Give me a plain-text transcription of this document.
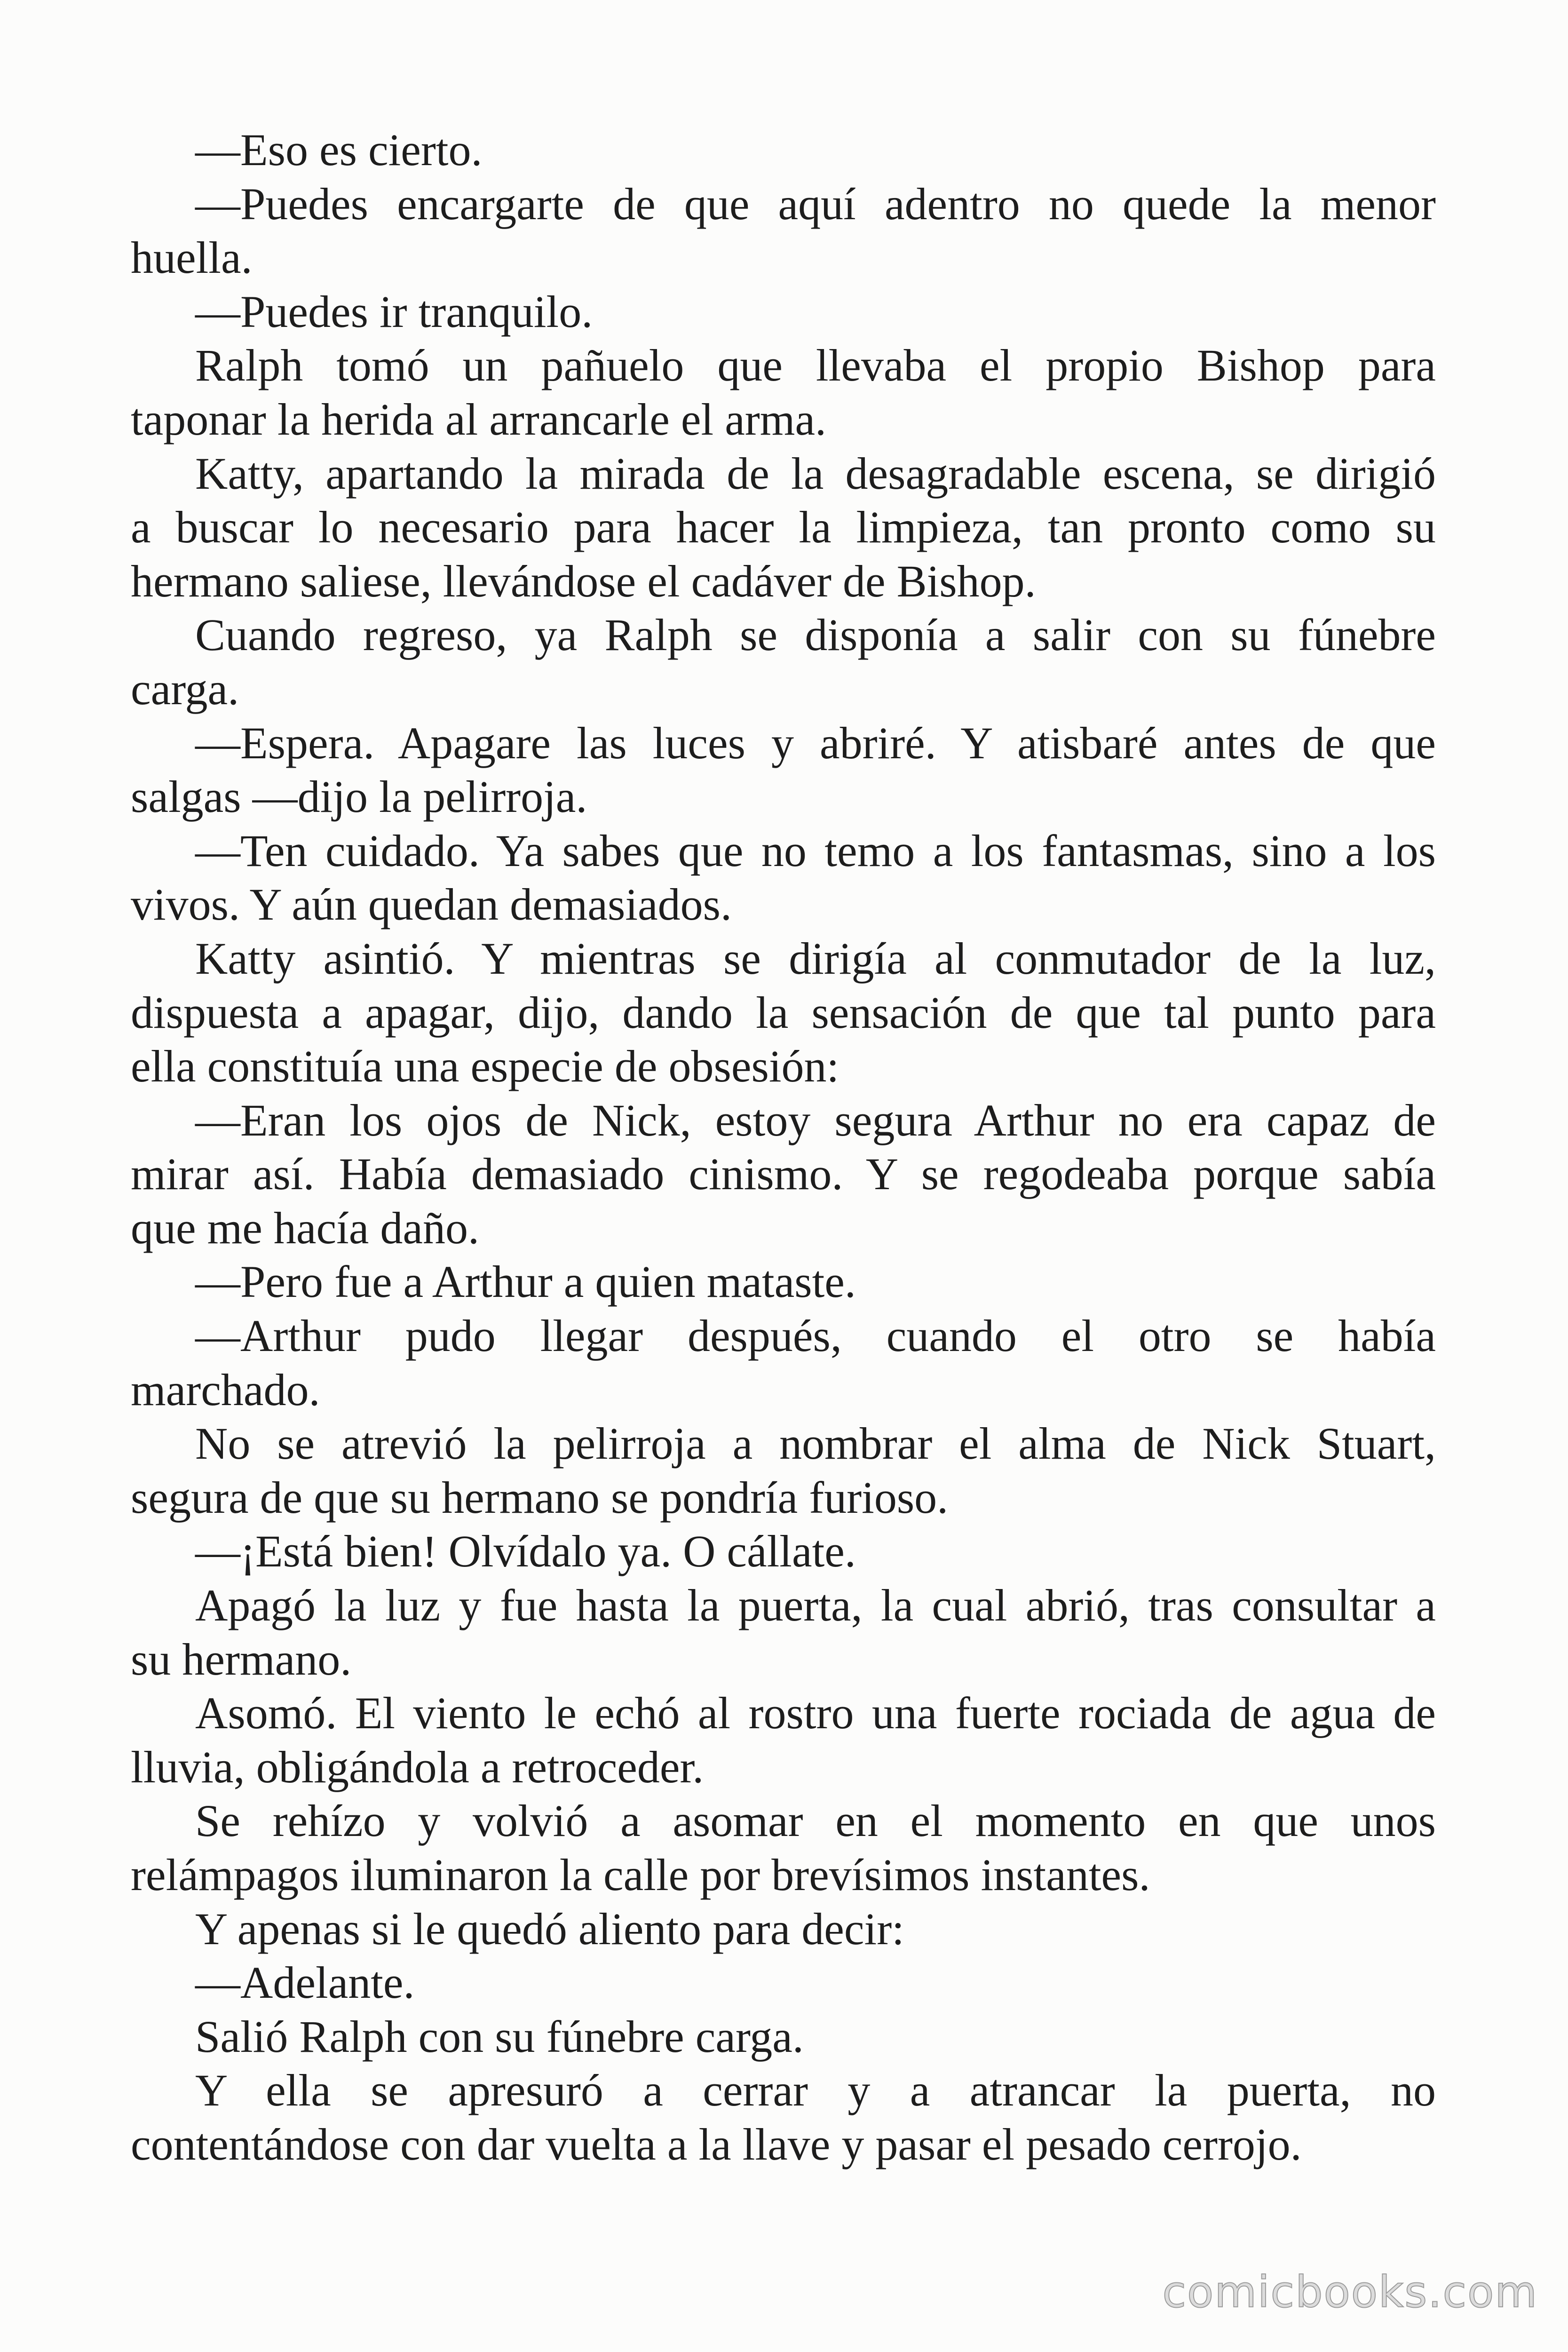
—Eso es cierto.
—Puedes encargarte de que aquí adentro no quede la menor
huella.
—Puedes ir tranquilo.
Ralph tomó un pañuelo que llevaba el propio Bishop para
taponar la herida al arrancarle el arma.
Katty, apartando la mirada de la desagradable escena, se dirigió
a buscar lo necesario para hacer la limpieza, tan pronto como su
hermano saliese, llevándose el cadáver de Bishop.
Cuando regreso, ya Ralph se disponía a salir con su fúnebre
carga.
—Espera. Apagare las luces y abriré. Y atisbaré antes de que
salgas —dijo la pelirroja.
—Ten cuidado. Ya sabes que no temo a los fantasmas, sino a los
vivos. Y aún quedan demasiados.
Katty asintió. Y mientras se dirigía al conmutador de la luz,
dispuesta a apagar, dijo, dando la sensación de que tal punto para
ella constituía una especie de obsesión:
—Eran los ojos de Nick, estoy segura Arthur no era capaz de
mirar así. Había demasiado cinismo. Y se regodeaba porque sabía
que me hacía daño.
—Pero fue a Arthur a quien mataste.
—Arthur pudo llegar después, cuando el otro se había
marchado.
No se atrevió la pelirroja a nombrar el alma de Nick Stuart,
segura de que su hermano se pondría furioso.
—¡Está bien! Olvídalo ya. O cállate.
Apagó la luz y fue hasta la puerta, la cual abrió, tras consultar a
su hermano.
Asomó. El viento le echó al rostro una fuerte rociada de agua de
lluvia, obligándola a retroceder.
Se rehízo y volvió a asomar en el momento en que unos
relámpagos iluminaron la calle por brevísimos instantes.
Y apenas si le quedó aliento para decir:
—Adelante.
Salió Ralph con su fúnebre carga.
Y ella se apresuró a cerrar y a atrancar la puerta, no
contentándose con dar vuelta a la llave y pasar el pesado cerrojo.
comicbooks.com
